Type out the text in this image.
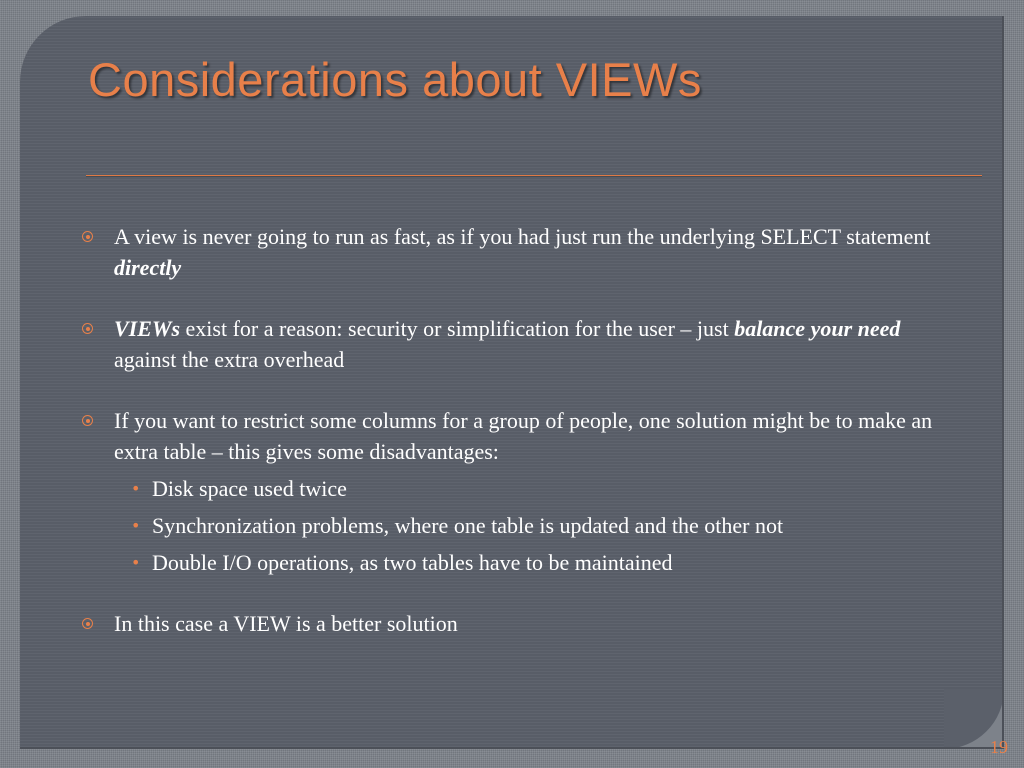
Considerations about VIEWs

A view is never going to run as fast, as if you had just run the underlying SELECT statement directly

VIEWs exist for a reason: security or simplification for the user – just balance your need against the extra overhead

If you want to restrict some columns for a group of people, one solution might be to make an extra table – this gives some disadvantages:
• Disk space used twice
• Synchronization problems, where one table is updated and the other not
• Double I/O operations, as two tables have to be maintained

In this case a VIEW is a better solution

19
